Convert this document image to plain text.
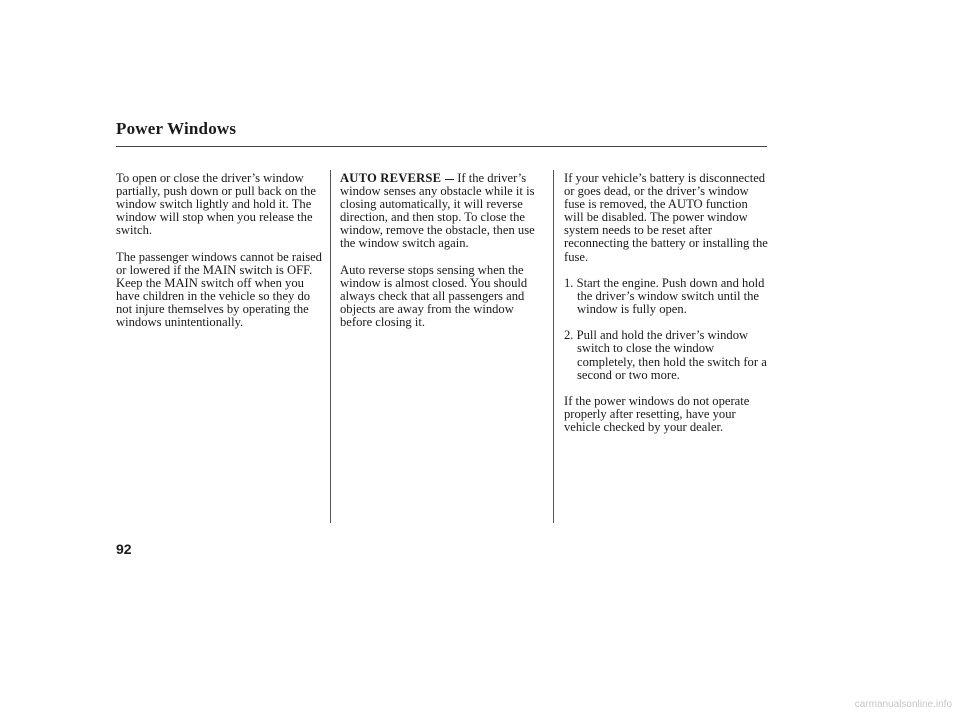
Power Windows

To open or close the driver’s window partially, push down or pull back on the window switch lightly and hold it. The window will stop when you release the switch.

The passenger windows cannot be raised or lowered if the MAIN switch is OFF. Keep the MAIN switch off when you have children in the vehicle so they do not injure themselves by operating the windows unintentionally.

AUTO REVERSE If the driver’s window senses any obstacle while it is closing automatically, it will reverse direction, and then stop. To close the window, remove the obstacle, then use the window switch again.

Auto reverse stops sensing when the window is almost closed. You should always check that all passengers and objects are away from the window before closing it.

If your vehicle’s battery is disconnected or goes dead, or the driver’s window fuse is removed, the AUTO function will be disabled. The power window system needs to be reset after reconnecting the battery or installing the fuse.

1. Start the engine. Push down and hold the driver’s window switch until the window is fully open.

2. Pull and hold the driver’s window switch to close the window completely, then hold the switch for a second or two more.

If the power windows do not operate properly after resetting, have your vehicle checked by your dealer.

92
carmanualsonline.info
